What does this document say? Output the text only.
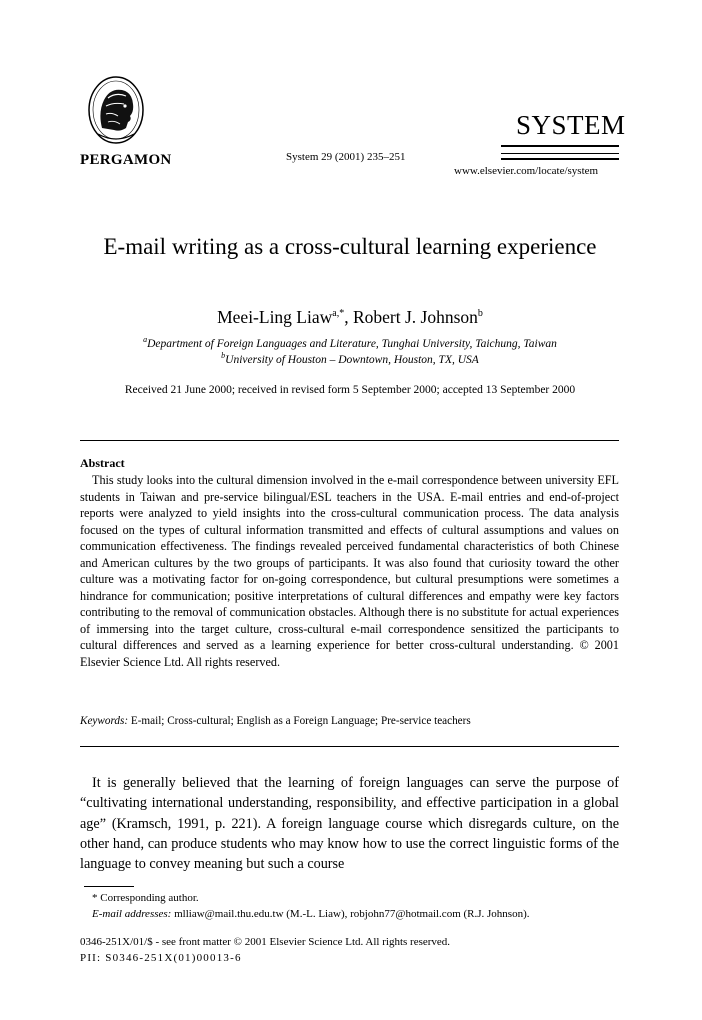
PERGAMON	System 29 (2001) 235–251
SYSTEM
www.elsevier.com/locate/system
E-mail writing as a cross-cultural learning experience
Meei-Ling Liaw$^{a,*}$, Robert J. Johnson$^b$
$^a$Department of Foreign Languages and Literature, Tunghai University, Taichung, Taiwan
$^b$University of Houston – Downtown, Houston, TX, USA
Received 21 June 2000; received in revised form 5 September 2000; accepted 13 September 2000
Abstract
This study looks into the cultural dimension involved in the e-mail correspondence between university EFL students in Taiwan and pre-service bilingual/ESL teachers in the USA. E-mail entries and end-of-project reports were analyzed to yield insights into the cross-cultural communication process. The data analysis focused on the types of cultural information transmitted and effects of cultural assumptions and values on communication effectiveness. The findings revealed perceived fundamental characteristics of both Chinese and American cultures by the two groups of participants. It was also found that curiosity toward the other culture was a motivating factor for on-going correspondence, but cultural presumptions were sometimes a hindrance for communication; positive interpretations of cultural differences and empathy were key factors contributing to the removal of communication obstacles. Although there is no substitute for actual experiences of immersing into the target culture, cross-cultural e-mail correspondence sensitized the participants to cultural differences and served as a learning experience for better cross-cultural understanding. © 2001 Elsevier Science Ltd. All rights reserved.
Keywords: E-mail; Cross-cultural; English as a Foreign Language; Pre-service teachers
It is generally believed that the learning of foreign languages can serve the purpose of “cultivating international understanding, responsibility, and effective participation in a global age” (Kramsch, 1991, p. 221). A foreign language course which disregards culture, on the other hand, can produce students who may know how to use the correct linguistic forms of the language to convey meaning but such a course
* Corresponding author.
E-mail addresses: mlliaw@mail.thu.edu.tw (M.-L. Liaw), robjohn77@hotmail.com (R.J. Johnson).
0346-251X/01/$ - see front matter © 2001 Elsevier Science Ltd. All rights reserved.
PII: S0346-251X(01)00013-6
